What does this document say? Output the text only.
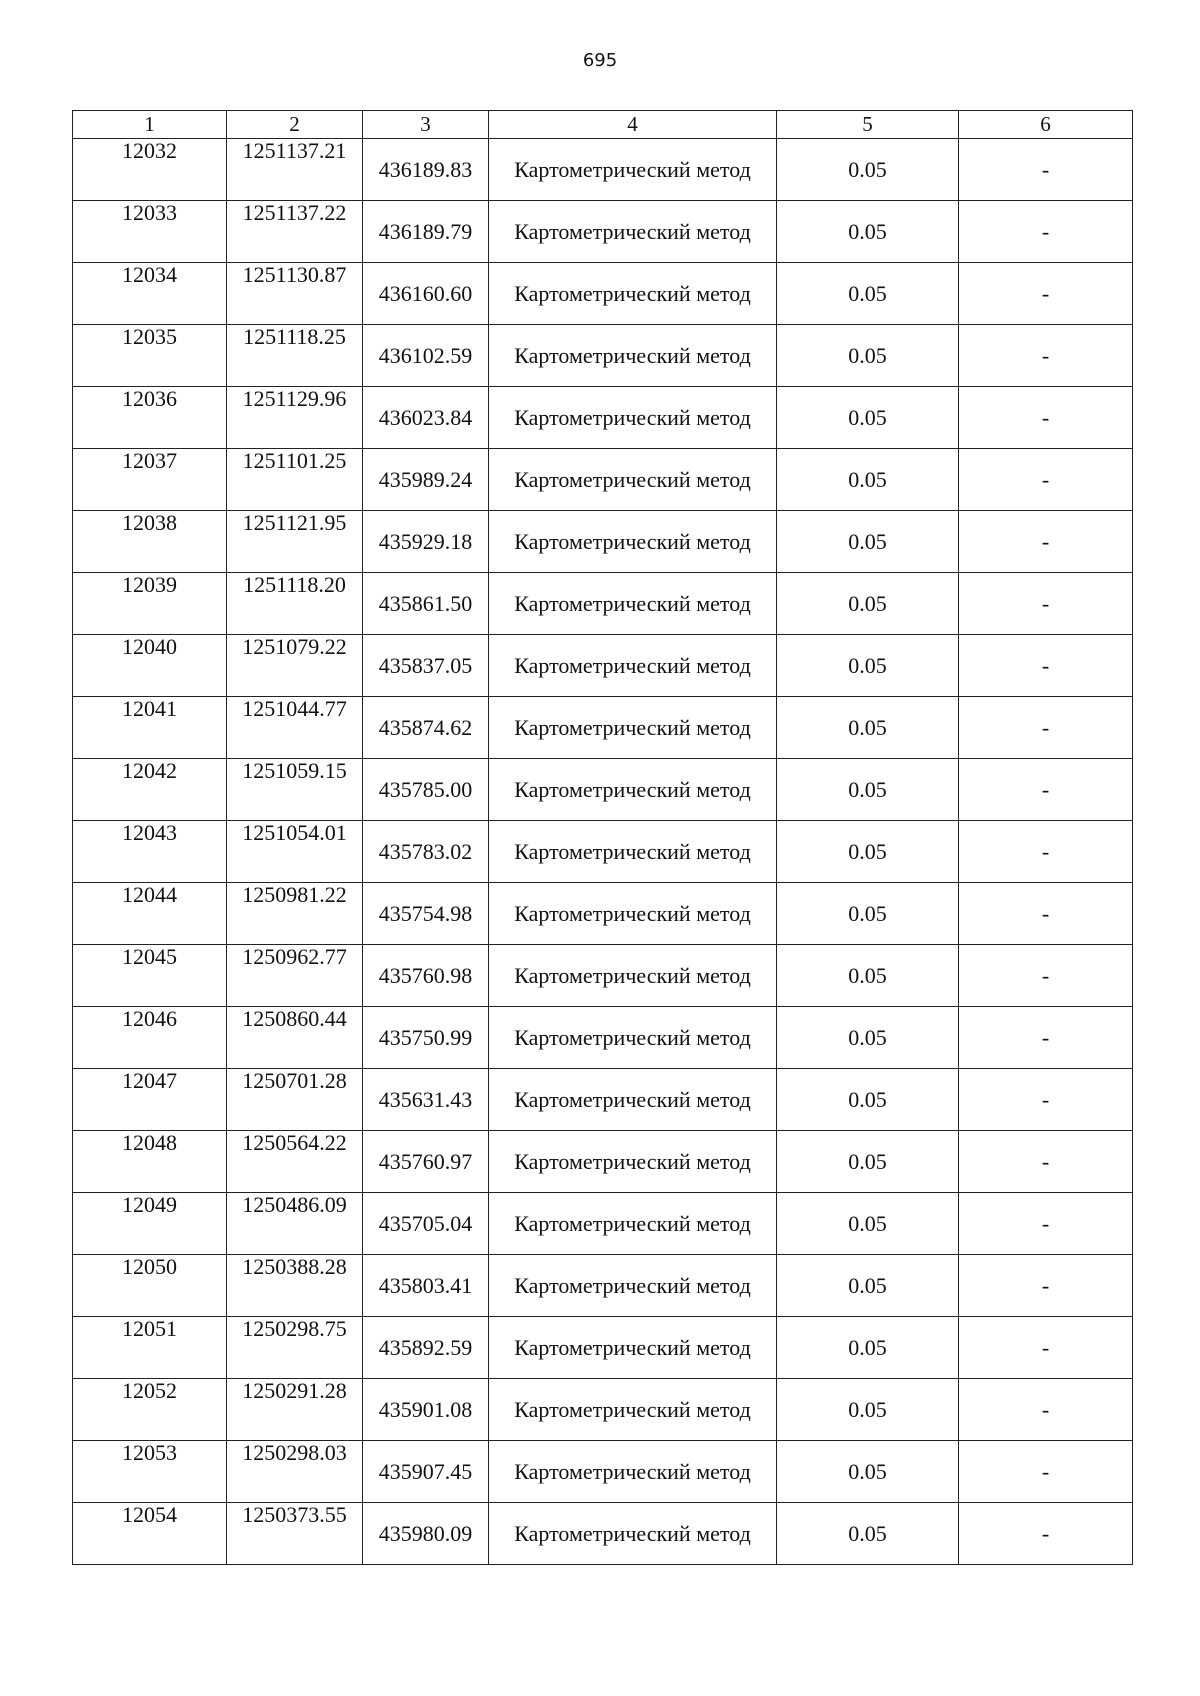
695
1	2	3	4	5	6
12032	1251137.21	436189.83	Картометрический метод	0.05	-
12033	1251137.22	436189.79	Картометрический метод	0.05	-
12034	1251130.87	436160.60	Картометрический метод	0.05	-
12035	1251118.25	436102.59	Картометрический метод	0.05	-
12036	1251129.96	436023.84	Картометрический метод	0.05	-
12037	1251101.25	435989.24	Картометрический метод	0.05	-
12038	1251121.95	435929.18	Картометрический метод	0.05	-
12039	1251118.20	435861.50	Картометрический метод	0.05	-
12040	1251079.22	435837.05	Картометрический метод	0.05	-
12041	1251044.77	435874.62	Картометрический метод	0.05	-
12042	1251059.15	435785.00	Картометрический метод	0.05	-
12043	1251054.01	435783.02	Картометрический метод	0.05	-
12044	1250981.22	435754.98	Картометрический метод	0.05	-
12045	1250962.77	435760.98	Картометрический метод	0.05	-
12046	1250860.44	435750.99	Картометрический метод	0.05	-
12047	1250701.28	435631.43	Картометрический метод	0.05	-
12048	1250564.22	435760.97	Картометрический метод	0.05	-
12049	1250486.09	435705.04	Картометрический метод	0.05	-
12050	1250388.28	435803.41	Картометрический метод	0.05	-
12051	1250298.75	435892.59	Картометрический метод	0.05	-
12052	1250291.28	435901.08	Картометрический метод	0.05	-
12053	1250298.03	435907.45	Картометрический метод	0.05	-
12054	1250373.55	435980.09	Картометрический метод	0.05	-
